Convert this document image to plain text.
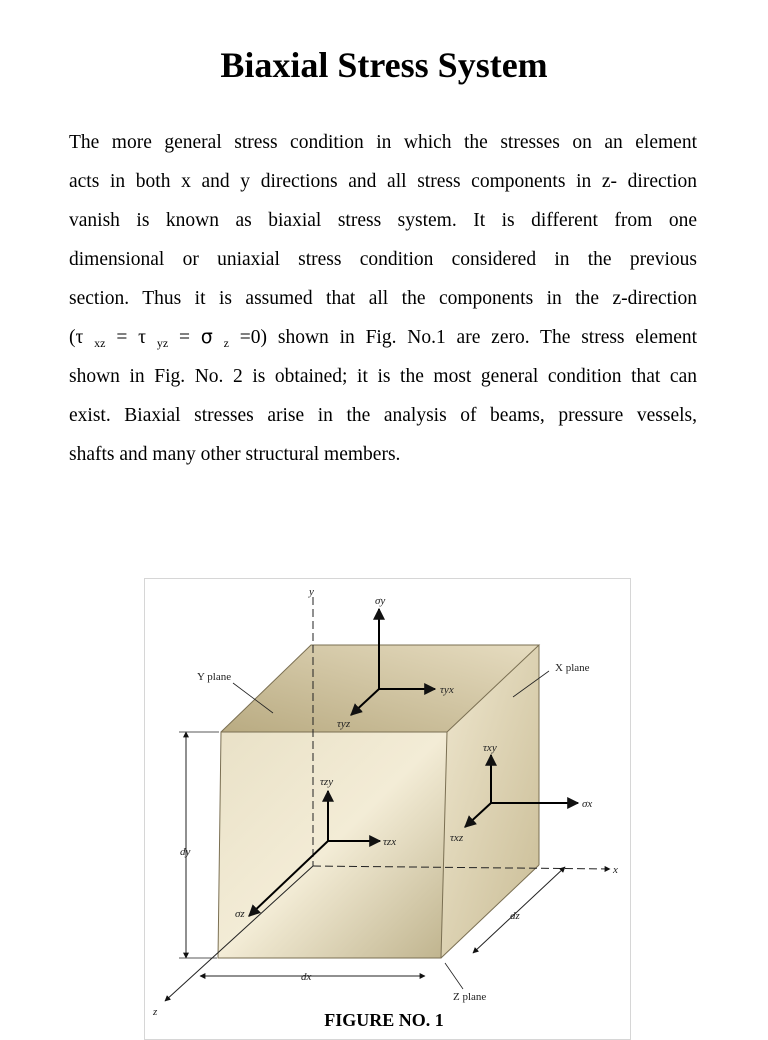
Biaxial Stress System
The more general stress condition in which the stresses on an element
acts in both x and y directions and all stress components in z- direction
vanish is known as biaxial stress system. It is different from one
dimensional or uniaxial stress condition considered in the previous
section. Thus it is assumed that all the components in the z-direction
(τ $_{xz}$ = τ $_{yz}$ = σ $_z$ =0) shown in Fig. No.1 are zero. The stress element
shown in Fig. No. 2 is obtained; it is the most general condition that can
exist. Biaxial stresses arise in the analysis of beams, pressure vessels,
shafts and many other structural members.
y
x
z
σy
τyx
τyz
τxy
σx
τxz
τzy
τzx
σz
Y plane
X plane
Z plane
dy
dx
dz
FIGURE NO. 1
